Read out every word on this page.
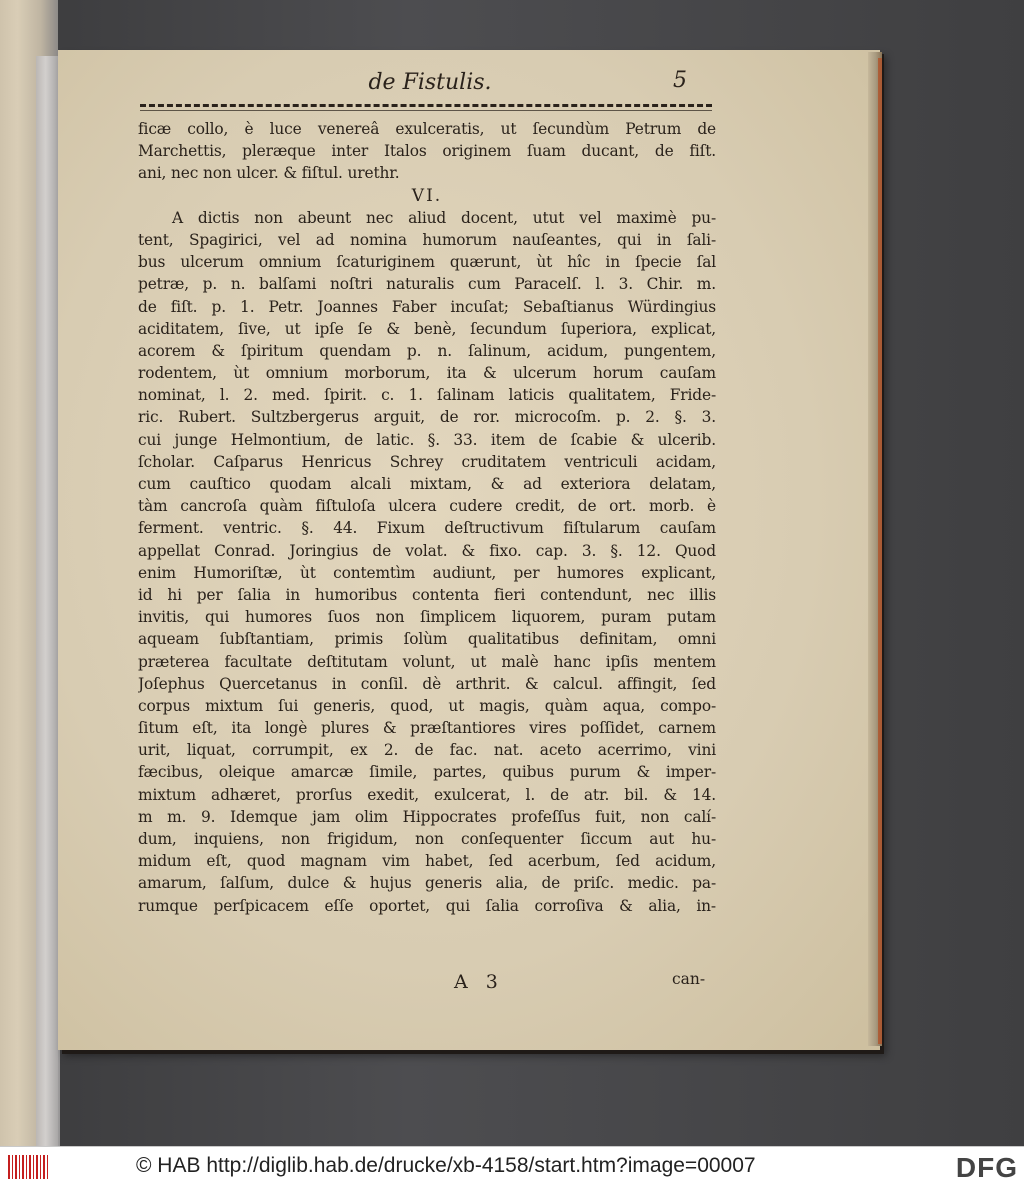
de Fistulis.	5
ficæ collo, è luce venereâ exulceratis, ut ſecundùm Petrum de
Marchettis, pleræque inter Italos originem ſuam ducant, de fiſt.
ani, nec non ulcer. & fiſtul. urethr.
VI.
A dictis non abeunt nec aliud docent, utut vel maximè pu-
tent, Spagirici, vel ad nomina humorum nauſeantes, qui in ſali-
bus ulcerum omnium ſcaturiginem quærunt, ùt hîc in ſpecie ſal
petræ, p. n. balſami noſtri naturalis cum Paracelſ. l. 3. Chir. m.
de fiſt. p. 1. Petr. Joannes Faber incuſat; Sebaſtianus Würdingius
aciditatem, ſive, ut ipſe ſe & benè, ſecundum ſuperiora, explicat,
acorem & ſpiritum quendam p. n. ſalinum, acidum, pungentem,
rodentem, ùt omnium morborum, ita & ulcerum horum cauſam
nominat, l. 2. med. ſpirit. c. 1. ſalinam laticis qualitatem, Fride-
ric. Rubert. Sultzbergerus arguit, de ror. microcoſm. p. 2. §. 3.
cui junge Helmontium, de latic. §. 33. item de ſcabie & ulcerib.
ſcholar. Caſparus Henricus Schrey cruditatem ventriculi acidam,
cum cauſtico quodam alcali mixtam, & ad exteriora delatam,
tàm cancroſa quàm fiſtuloſa ulcera cudere credit, de ort. morb. è
ferment. ventric. §. 44. Fixum deſtructivum fiſtularum cauſam
appellat Conrad. Joringius de volat. & fixo. cap. 3. §. 12. Quod
enim Humoriſtæ, ùt contemtìm audiunt, per humores explicant,
id hi per ſalia in humoribus contenta fieri contendunt, nec illis
invitis, qui humores ſuos non ſimplicem liquorem, puram putam
aqueam ſubſtantiam, primis ſolùm qualitatibus definitam, omni
præterea facultate deſtitutam volunt, ut malè hanc ipſis mentem
Joſephus Quercetanus in conſil. dè arthrit. & calcul. affingit, ſed
corpus mixtum ſui generis, quod, ut magis, quàm aqua, compo-
ſitum eſt, ita longè plures & præſtantiores vires poſſidet, carnem
urit, liquat, corrumpit, ex 2. de fac. nat. aceto acerrimo, vini
fæcibus, oleique amarcæ ſimile, partes, quibus purum & imper-
mixtum adhæret, prorſus exedit, exulcerat, l. de atr. bil. & 14.
m m. 9. Idemque jam olim Hippocrates profeſſus fuit, non calí-
dum, inquiens, non frigidum, non conſequenter ſiccum aut hu-
midum eſt, quod magnam vim habet, ſed acerbum, ſed acidum,
amarum, ſalſum, dulce & hujus generis alia, de priſc. medic. pa-
rumque perſpicacem eſſe oportet, qui ſalia corroſiva & alia, in-
A 3	can-
© HAB http://diglib.hab.de/drucke/xb-4158/start.htm?image=00007	DFG
